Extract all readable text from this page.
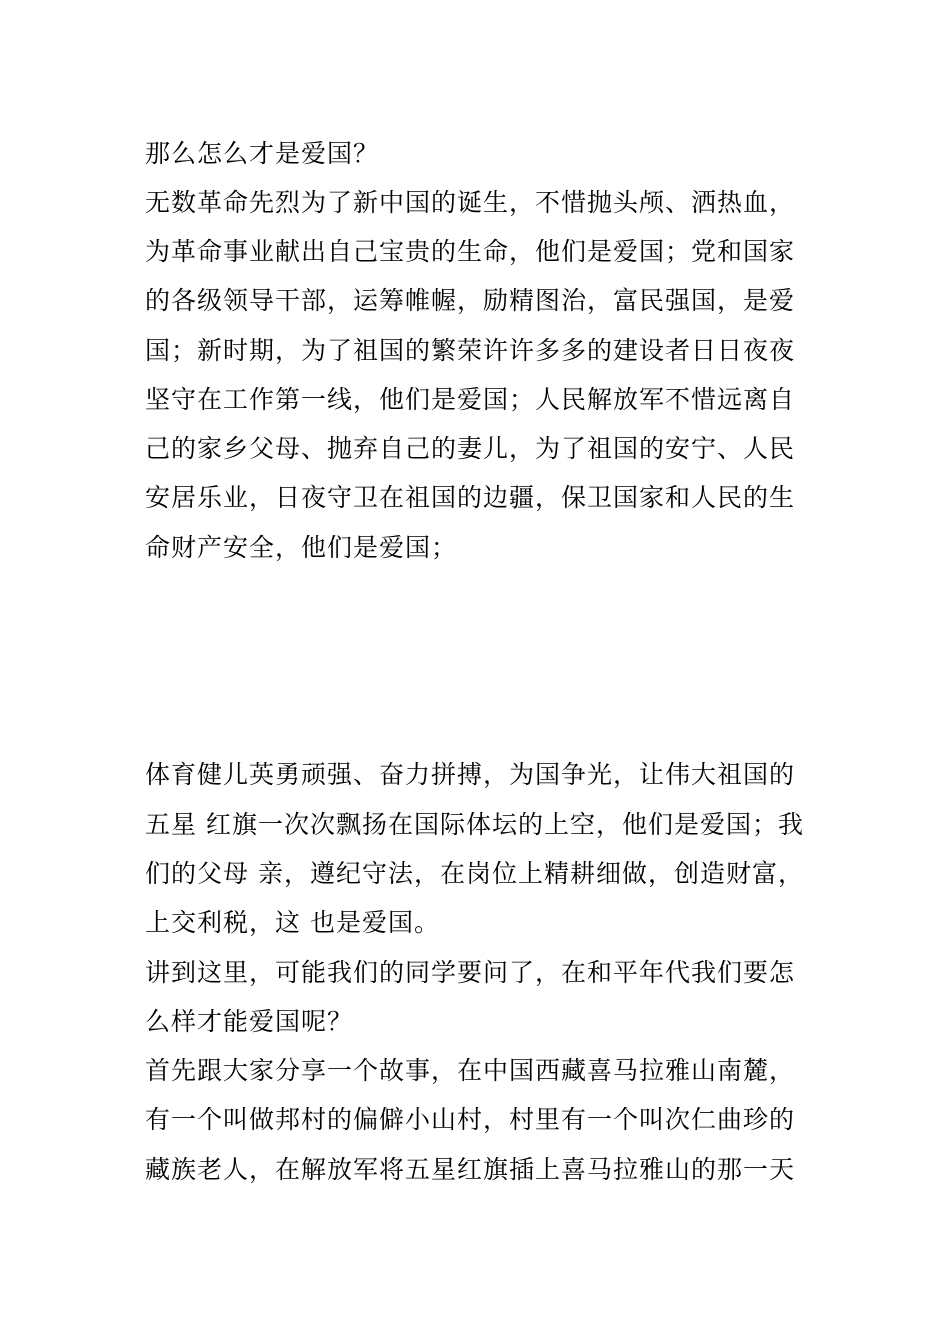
那么怎么才是爱国？
无数革命先烈为了新中国的诞生，不惜抛头颅、洒热血，
为革命事业献出自己宝贵的生命，他们是爱国；党和国家
的各级领导干部，运筹帷幄，励精图治，富民强国，是爱
国；新时期，为了祖国的繁荣许许多多的建设者日日夜夜
坚守在工作第一线，他们是爱国；人民解放军不惜远离自
己的家乡父母、抛弃自己的妻儿，为了祖国的安宁、人民
安居乐业，日夜守卫在祖国的边疆，保卫国家和人民的生
命财产安全，他们是爱国；
体育健儿英勇顽强、奋力拼搏，为国争光，让伟大祖国的
五星 红旗一次次飘扬在国际体坛的上空，他们是爱国；我
们的父母 亲，遵纪守法，在岗位上精耕细做，创造财富，
上交利税，这 也是爱国。
讲到这里，可能我们的同学要问了，在和平年代我们要怎
么样才能爱国呢？
首先跟大家分享一个故事，在中国西藏喜马拉雅山南麓，
有一个叫做邦村的偏僻小山村，村里有一个叫次仁曲珍的
藏族老人，在解放军将五星红旗插上喜马拉雅山的那一天
